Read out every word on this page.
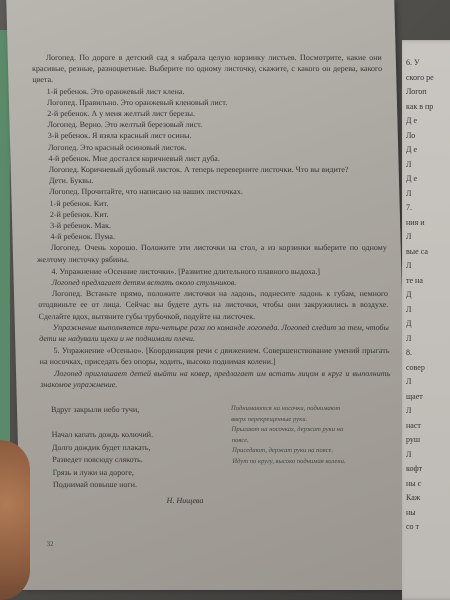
Логопед. По дороге в детский сад я набрала целую корзинку листьев. Посмотрите, какие они красивые, резные, разноцветные. Выберите по одному листочку, скажите, с какого он дерева, какого цвета.
1-й ребенок. Это оранжевый лист клена.
Логопед. Правильно. Это оранжевый кленовый лист.
2-й ребенок. А у меня желтый лист березы.
Логопед. Верно. Это желтый березовый лист.
3-й ребенок. Я взяла красный лист осины.
Логопед. Это красный осиновый листок.
4-й ребенок. Мне достался коричневый лист дуба.
Логопед. Коричневый дубовый листок. А теперь переверните листочки. Что вы видите?
Дети. Буквы.
Логопед. Прочитайте, что написано на ваших листочках.
1-й ребенок. Кит.
2-й ребенок. Кит.
3-й ребенок. Мак.
4-й ребенок. Пума.
Логопед. Очень хорошо. Положите эти листочки на стол, а из корзинки выберите по одному желтому листочку рябины.
4. Упражнение «Осенние листочки». [Развитие длительного плавного выдоха.]
Логопед предлагает детям встать около стульчиков.
Логопед. Встаньте прямо, положите листочки на ладонь, поднесите ладонь к губам, немного отодвиньте ее от лица. Сейчас вы будете дуть на листочки, чтобы они закружились в воздухе. Сделайте вдох, вытяните губы трубочкой, подуйте на листочек.
Упражнение выполняется три-четыре раза по команде логопеда. Логопед следит за тем, чтобы дети не надували щеки и не поднимали плечи.
5. Упражнение «Осенью». [Координация речи с движением. Совершенствование умений прыгать на носочках, приседать без опоры, ходить, высоко поднимая колени.]
Логопед приглашает детей выйти на ковер, предлагает им встать лицом в круг и выполнить знакомое упражнение.
Вдруг закрыли небо тучи,

Начал капать дождь колючий.
Долго дождик будет плакать,
Разведет повсюду слякоть.
Грязь и лужи на дороге,
Поднимай повыше ноги.
Н. Нищева
Поднимаются на носочки, поднимают
вверх перекрещенные руки.
Прыгают на носочках, держат руки на
поясе.
Приседают, держат руки на поясе.
Идут по кругу, высоко поднимая колени.
32
6. У
ского ре
Логоп
как в пр
Д е
Ло
Д е
Л
Д е
Л
7.
ния и
Л
вые са
Л
те на
Д
Л
Д
Л
8.
совер
Л
щает
Л
наст
руш
Л
кофт
ны с
Каж
ны
со т
